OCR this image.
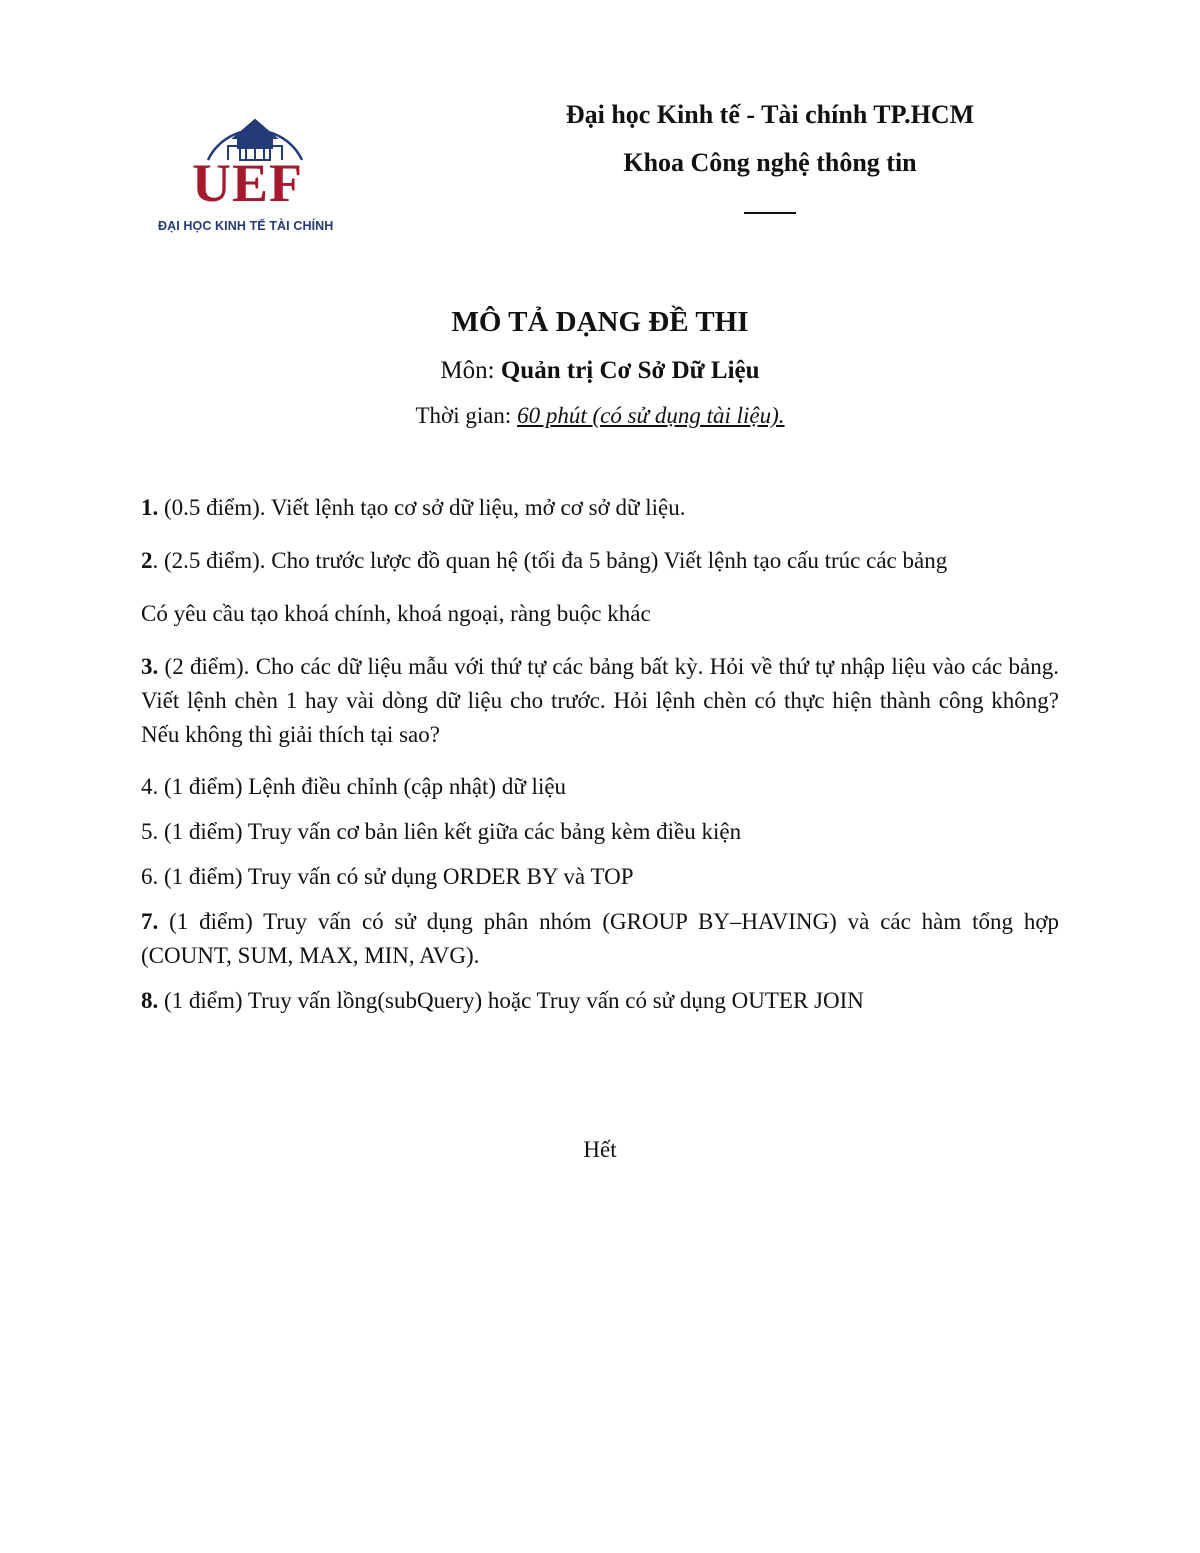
UEF
ĐẠI HỌC KINH TẾ TÀI CHÍNH

Đại học Kinh tế - Tài chính TP.HCM

Khoa Công nghệ thông tin

MÔ TẢ DẠNG ĐỀ THI

Môn: Quản trị Cơ Sở Dữ Liệu

Thời gian: 60 phút (có sử dụng tài liệu).

1. (0.5 điểm). Viết lệnh tạo cơ sở dữ liệu, mở cơ sở dữ liệu.

2. (2.5 điểm). Cho trước lược đồ quan hệ (tối đa 5 bảng) Viết lệnh tạo cấu trúc các bảng

Có yêu cầu tạo khoá chính, khoá ngoại, ràng buộc khác

3. (2 điểm). Cho các dữ liệu mẫu với thứ tự các bảng bất kỳ. Hỏi về thứ tự nhập liệu vào các bảng. Viết lệnh chèn 1 hay vài dòng dữ liệu cho trước. Hỏi lệnh chèn có thực hiện thành công không? Nếu không thì giải thích tại sao?

4. (1 điểm) Lệnh điều chỉnh (cập nhật) dữ liệu

5. (1 điểm) Truy vấn cơ bản liên kết giữa các bảng kèm điều kiện

6. (1 điểm) Truy vấn có sử dụng ORDER BY và TOP

7. (1 điểm) Truy vấn có sử dụng phân nhóm (GROUP BY–HAVING) và các hàm tổng hợp (COUNT, SUM, MAX, MIN, AVG).

8. (1 điểm) Truy vấn lồng(subQuery) hoặc Truy vấn có sử dụng OUTER JOIN

Hết
